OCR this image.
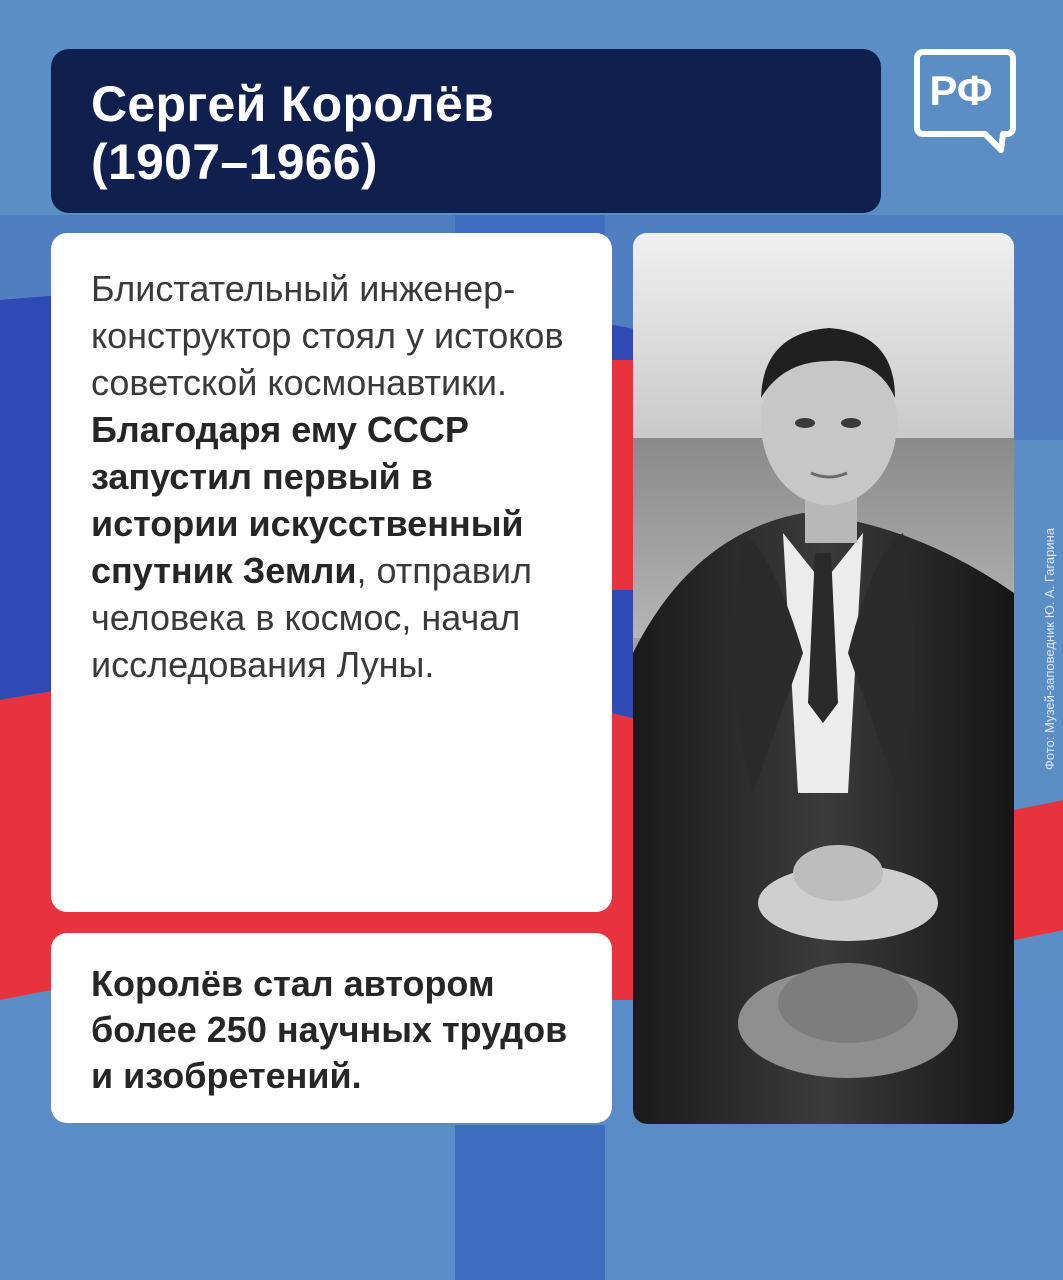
Сергей Королёв
(1907–1966)
РФ
Блистательный инженер-конструктор стоял у истоков советской космонавтики. Благодаря ему СССР запустил первый в истории искусственный спутник Земли, отправил человека в космос, начал исследования Луны.
Королёв стал автором более 250 научных трудов и изобретений.
Фото: Музей-заповедник Ю. А. Гагарина
